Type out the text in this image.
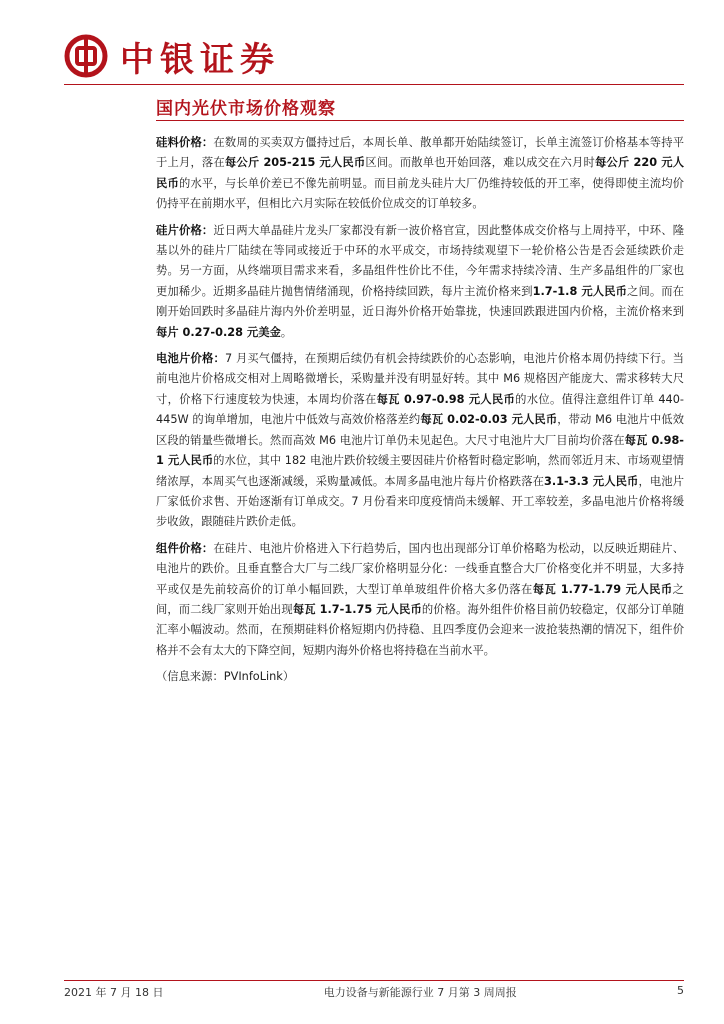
中银证券
国内光伏市场价格观察

硅料价格：在数周的买卖双方僵持过后，本周长单、散单都开始陆续签订，长单主流签订价格基本等持平于上月，落在每公斤 205-215 元人民币区间。而散单也开始回落，难以成交在六月时每公斤 220 元人民币的水平，与长单价差已不像先前明显。而目前龙头硅片大厂仍维持较低的开工率，使得即使主流均价仍持平在前期水平，但相比六月实际在较低价位成交的订单较多。

硅片价格：近日两大单晶硅片龙头厂家都没有新一波价格官宣，因此整体成交价格与上周持平，中环、隆基以外的硅片厂陆续在等同或接近于中环的水平成交，市场持续观望下一轮价格公告是否会延续跌价走势。另一方面，从终端项目需求来看，多晶组件性价比不佳，今年需求持续冷清、生产多晶组件的厂家也更加稀少。近期多晶硅片抛售情绪涌现，价格持续回跌，每片主流价格来到1.7-1.8 元人民币之间。而在刚开始回跌时多晶硅片海内外价差明显，近日海外价格开始靠拢，快速回跌跟进国内价格，主流价格来到每片 0.27-0.28 元美金。

电池片价格：7 月买气僵持，在预期后续仍有机会持续跌价的心态影响，电池片价格本周仍持续下行。当前电池片价格成交相对上周略微增长，采购量并没有明显好转。其中 M6 规格因产能庞大、需求移转大尺寸，价格下行速度较为快速，本周均价落在每瓦 0.97-0.98 元人民币的水位。值得注意组件订单 440-445W 的询单增加，电池片中低效与高效价格落差约每瓦 0.02-0.03 元人民币，带动 M6 电池片中低效区段的销量些微增长。然而高效 M6 电池片订单仍未见起色。大尺寸电池片大厂目前均价落在每瓦 0.98-1 元人民币的水位，其中 182 电池片跌价较缓主要因硅片价格暂时稳定影响，然而邻近月末、市场观望情绪浓厚，本周买气也逐渐减缓，采购量减低。本周多晶电池片每片价格跌落在3.1-3.3 元人民币，电池片厂家低价求售、开始逐渐有订单成交。7 月份看来印度疫情尚未缓解、开工率较差，多晶电池片价格将缓步收敛，跟随硅片跌价走低。

组件价格：在硅片、电池片价格进入下行趋势后，国内也出现部分订单价格略为松动，以反映近期硅片、电池片的跌价。且垂直整合大厂与二线厂家价格明显分化：一线垂直整合大厂价格变化并不明显，大多持平或仅是先前较高价的订单小幅回跌，大型订单单玻组件价格大多仍落在每瓦 1.77-1.79 元人民币之间，而二线厂家则开始出现每瓦 1.7-1.75 元人民币的价格。海外组件价格目前仍较稳定，仅部分订单随汇率小幅波动。然而，在预期硅料价格短期内仍持稳、且四季度仍会迎来一波抢装热潮的情况下，组件价格并不会有太大的下降空间，短期内海外价格也将持稳在当前水平。

（信息来源：PVInfoLink）
2021 年 7 月 18 日	电力设备与新能源行业 7 月第 3 周周报	5
